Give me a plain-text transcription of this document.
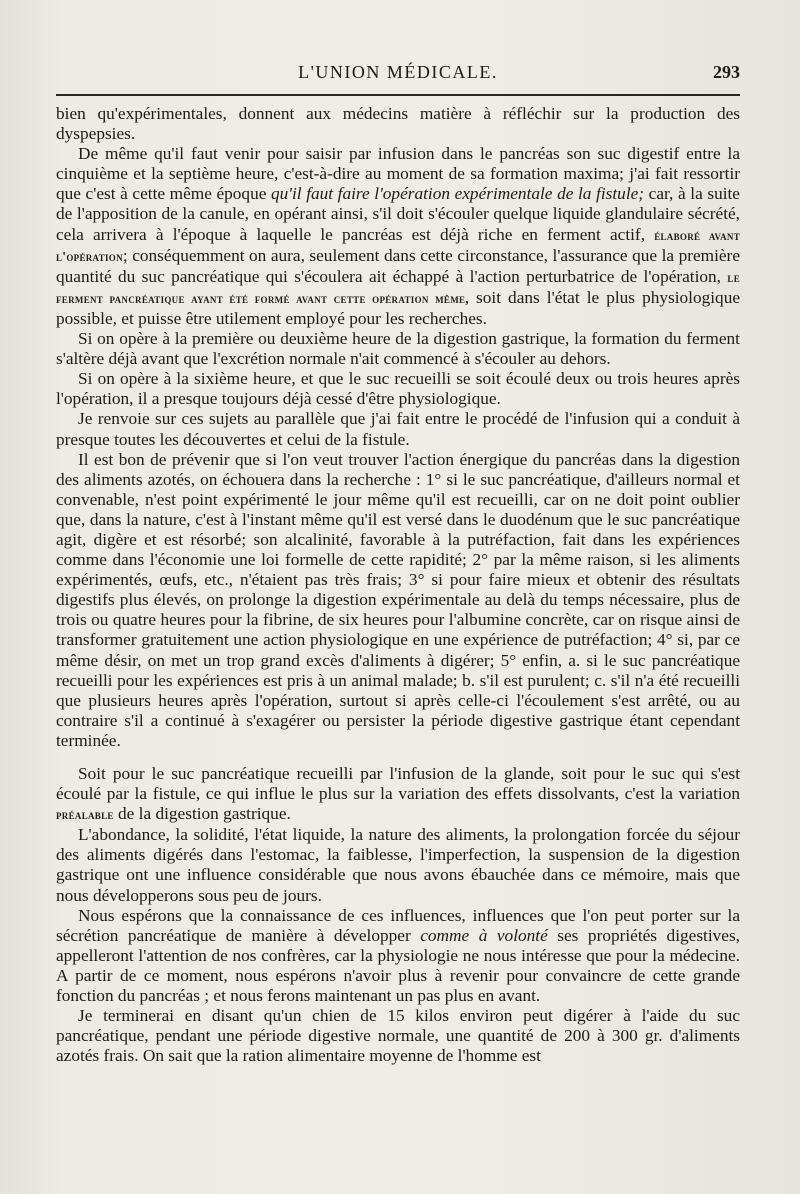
L'UNION MÉDICALE.	293

bien qu'expérimentales, donnent aux médecins matière à réfléchir sur la production des dyspepsies.

De même qu'il faut venir pour saisir par infusion dans le pancréas son suc digestif entre la cinquième et la septième heure, c'est-à-dire au moment de sa formation maxima; j'ai fait ressortir que c'est à cette même époque qu'il faut faire l'opération expérimentale de la fistule; car, à la suite de l'apposition de la canule, en opérant ainsi, s'il doit s'écouler quelque liquide glandulaire sécrété, cela arrivera à l'époque à laquelle le pancréas est déjà riche en ferment actif, élaboré avant l'opération; conséquemment on aura, seulement dans cette circonstance, l'assurance que la première quantité du suc pancréatique qui s'écoulera ait échappé à l'action perturbatrice de l'opération, le ferment pancréatique ayant été formé avant cette opération même, soit dans l'état le plus physiologique possible, et puisse être utilement employé pour les recherches.

Si on opère à la première ou deuxième heure de la digestion gastrique, la formation du ferment s'altère déjà avant que l'excrétion normale n'ait commencé à s'écouler au dehors.

Si on opère à la sixième heure, et que le suc recueilli se soit écoulé deux ou trois heures après l'opération, il a presque toujours déjà cessé d'être physiologique.

Je renvoie sur ces sujets au parallèle que j'ai fait entre le procédé de l'infusion qui a conduit à presque toutes les découvertes et celui de la fistule.

Il est bon de prévenir que si l'on veut trouver l'action énergique du pancréas dans la digestion des aliments azotés, on échouera dans la recherche : 1° si le suc pancréatique, d'ailleurs normal et convenable, n'est point expérimenté le jour même qu'il est recueilli, car on ne doit point oublier que, dans la nature, c'est à l'instant même qu'il est versé dans le duodénum que le suc pancréatique agit, digère et est résorbé; son alcalinité, favorable à la putréfaction, fait dans les expériences comme dans l'économie une loi formelle de cette rapidité; 2° par la même raison, si les aliments expérimentés, œufs, etc., n'étaient pas très frais; 3° si pour faire mieux et obtenir des résultats digestifs plus élevés, on prolonge la digestion expérimentale au delà du temps nécessaire, plus de trois ou quatre heures pour la fibrine, de six heures pour l'albumine concrète, car on risque ainsi de transformer gratuitement une action physiologique en une expérience de putréfaction; 4° si, par ce même désir, on met un trop grand excès d'aliments à digérer; 5° enfin, a. si le suc pancréatique recueilli pour les expériences est pris à un animal malade; b. s'il est purulent; c. s'il n'a été recueilli que plusieurs heures après l'opération, surtout si après celle-ci l'écoulement s'est arrêté, ou au contraire s'il a continué à s'exagérer ou persister la période digestive gastrique étant cependant terminée.

Soit pour le suc pancréatique recueilli par l'infusion de la glande, soit pour le suc qui s'est écoulé par la fistule, ce qui influe le plus sur la variation des effets dissolvants, c'est la variation préalable de la digestion gastrique.

L'abondance, la solidité, l'état liquide, la nature des aliments, la prolongation forcée du séjour des aliments digérés dans l'estomac, la faiblesse, l'imperfection, la suspension de la digestion gastrique ont une influence considérable que nous avons ébauchée dans ce mémoire, mais que nous développerons sous peu de jours.

Nous espérons que la connaissance de ces influences, influences que l'on peut porter sur la sécrétion pancréatique de manière à développer comme à volonté ses propriétés digestives, appelleront l'attention de nos confrères, car la physiologie ne nous intéresse que pour la médecine. A partir de ce moment, nous espérons n'avoir plus à revenir pour convaincre de cette grande fonction du pancréas ; et nous ferons maintenant un pas plus en avant.

Je terminerai en disant qu'un chien de 15 kilos environ peut digérer à l'aide du suc pancréatique, pendant une période digestive normale, une quantité de 200 à 300 gr. d'aliments azotés frais. On sait que la ration alimentaire moyenne de l'homme est
